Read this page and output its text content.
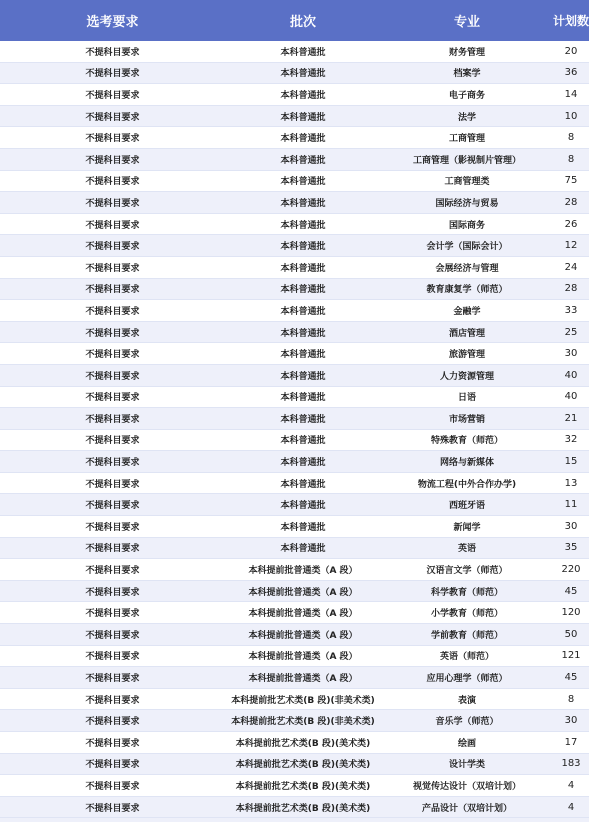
选考要求	批次	专业	计划数
不提科目要求	本科普通批	财务管理	20
不提科目要求	本科普通批	档案学	36
不提科目要求	本科普通批	电子商务	14
不提科目要求	本科普通批	法学	10
不提科目要求	本科普通批	工商管理	8
不提科目要求	本科普通批	工商管理（影视制片管理）	8
不提科目要求	本科普通批	工商管理类	75
不提科目要求	本科普通批	国际经济与贸易	28
不提科目要求	本科普通批	国际商务	26
不提科目要求	本科普通批	会计学（国际会计）	12
不提科目要求	本科普通批	会展经济与管理	24
不提科目要求	本科普通批	教育康复学（师范）	28
不提科目要求	本科普通批	金融学	33
不提科目要求	本科普通批	酒店管理	25
不提科目要求	本科普通批	旅游管理	30
不提科目要求	本科普通批	人力资源管理	40
不提科目要求	本科普通批	日语	40
不提科目要求	本科普通批	市场营销	21
不提科目要求	本科普通批	特殊教育（师范）	32
不提科目要求	本科普通批	网络与新媒体	15
不提科目要求	本科普通批	物流工程(中外合作办学)	13
不提科目要求	本科普通批	西班牙语	11
不提科目要求	本科普通批	新闻学	30
不提科目要求	本科普通批	英语	35
不提科目要求	本科提前批普通类（A 段）	汉语言文学（师范）	220
不提科目要求	本科提前批普通类（A 段）	科学教育（师范）	45
不提科目要求	本科提前批普通类（A 段）	小学教育（师范）	120
不提科目要求	本科提前批普通类（A 段）	学前教育（师范）	50
不提科目要求	本科提前批普通类（A 段）	英语（师范）	121
不提科目要求	本科提前批普通类（A 段）	应用心理学（师范）	45
不提科目要求	本科提前批艺术类(B 段)(非美术类)	表演	8
不提科目要求	本科提前批艺术类(B 段)(非美术类)	音乐学（师范）	30
不提科目要求	本科提前批艺术类(B 段)(美术类)	绘画	17
不提科目要求	本科提前批艺术类(B 段)(美术类)	设计学类	183
不提科目要求	本科提前批艺术类(B 段)(美术类)	视觉传达设计（双培计划）	4
不提科目要求	本科提前批艺术类(B 段)(美术类)	产品设计（双培计划）	4
